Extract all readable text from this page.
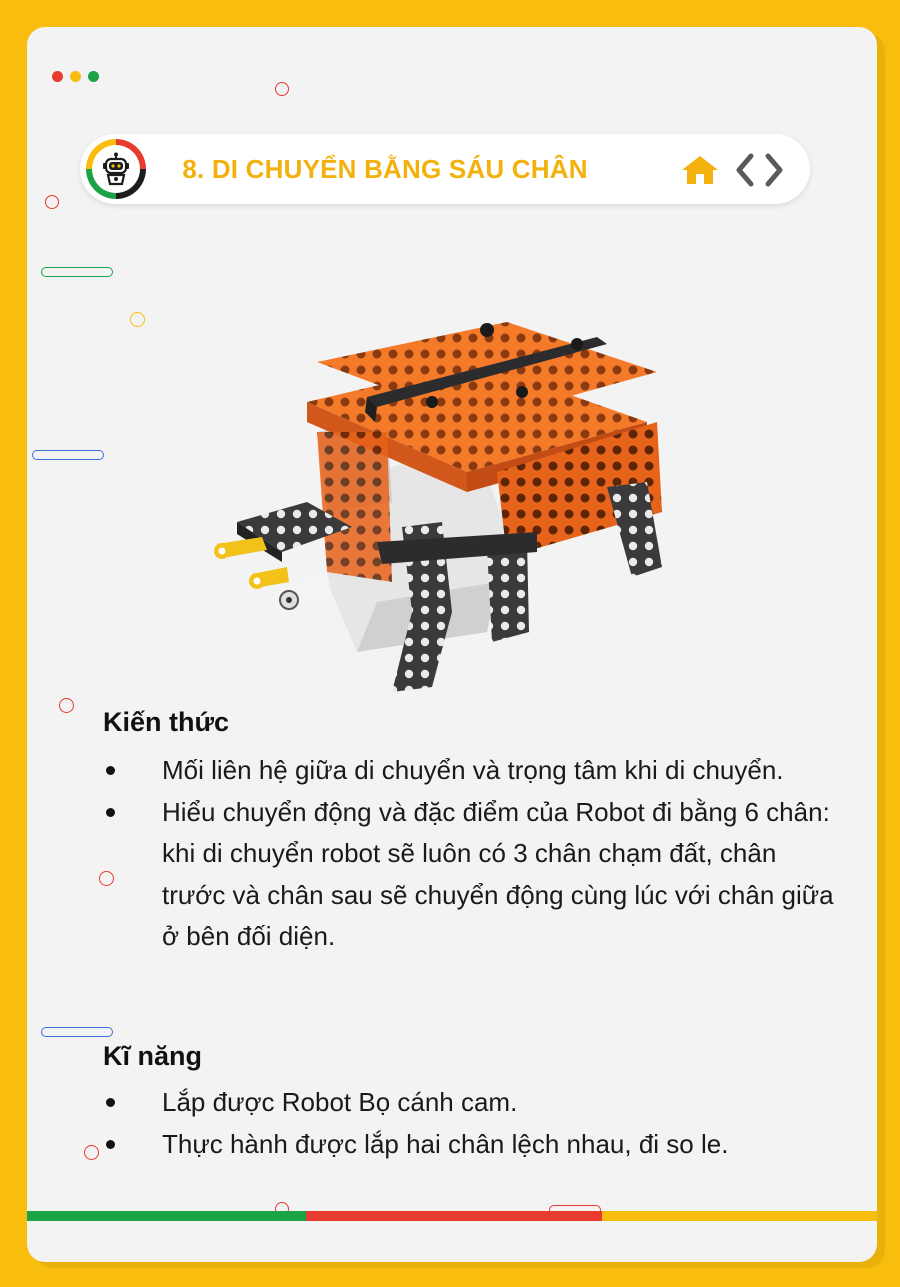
8. DI CHUYỂN BẰNG SÁU CHÂN
Kiến thức
Mối liên hệ giữa di chuyển và trọng tâm khi di chuyển.
Hiểu chuyển động và đặc điểm của Robot đi bằng 6 chân: khi di chuyển robot sẽ luôn có 3 chân chạm đất, chân trước và chân sau sẽ chuyển động cùng lúc với chân giữa ở bên đối diện.
Kĩ năng
Lắp được Robot Bọ cánh cam.
Thực hành được lắp hai chân lệch nhau, đi so le.
